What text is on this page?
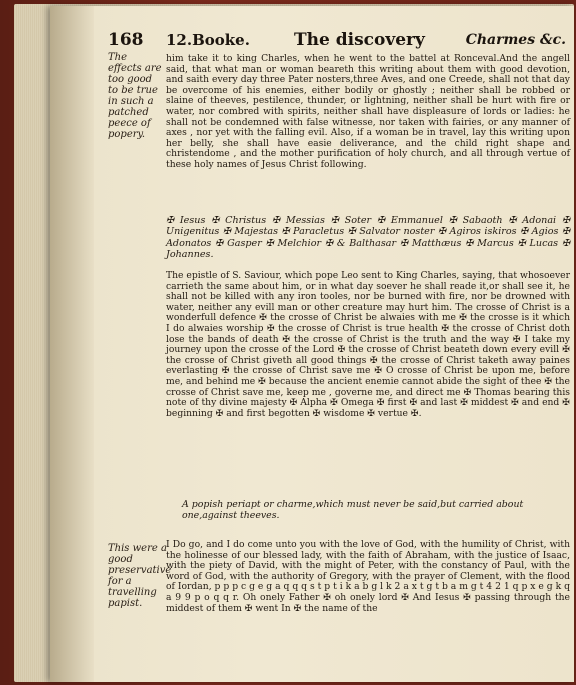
168 12.Booke.	The discovery	Charmes &c.
The effects are too good to be true in such a patched peece of popery.
him take it to king Charles, when he went to the battel at Ronceval.And the angell said, that what man or woman beareth this writing about them with good devotion, and saith every day three Pater nosters,three Aves, and one Creede, shall not that day be overcome of his enemies, either bodily or ghostly ; neither shall be robbed or slaine of theeves, pestilence, thunder, or lightning, neither shall be hurt with fire or water, nor combred with spirits, neither shall have displeasure of lords or ladies: he shall not be condemned with false witnesse, nor taken with fairies, or any manner of axes , nor yet with the falling evil. Also, if a woman be in travel, lay this writing upon her belly, she shall have easie deliverance, and the child right shape and christendome , and the mother purification of holy church, and all through vertue of these holy names of Jesus Christ following.
✠ Iesus ✠ Christus ✠ Messias ✠ Soter ✠ Emmanuel ✠ Sabaoth ✠ Adonai ✠ Unigenitus ✠ Majestas ✠ Paracletus ✠ Salvator noster ✠ Agiros iskiros ✠ Agios ✠ Adonatos ✠ Gasper ✠ Melchior ✠ & Balthasar ✠ Matthæus ✠ Marcus ✠ Lucas ✠ Johannes.
The epistle of S. Saviour, which pope Leo sent to King Charles, saying, that whosoever carrieth the same about him, or in what day soever he shall reade it,or shall see it, he shall not be killed with any iron tooles, nor be burned with fire, nor be drowned with water, neither any evill man or other creature may hurt him. The crosse of Christ is a wonderfull defence ✠ the crosse of Christ be alwaies with me ✠ the crosse is it which I do alwaies worship ✠ the crosse of Christ is true health ✠ the crosse of Christ doth lose the bands of death ✠ the crosse of Christ is the truth and the way ✠ I take my journey upon the crosse of the Lord ✠ the crosse of Christ beateth down every evill ✠ the crosse of Christ giveth all good things ✠ the crosse of Christ taketh away paines everlasting ✠ the crosse of Christ save me ✠ O crosse of Christ be upon me, before me, and behind me ✠ because the ancient enemie cannot abide the sight of thee ✠ the crosse of Christ save me, keep me , governe me, and direct me ✠ Thomas bearing this note of thy divine majesty ✠ Alpha ✠ Omega ✠ first ✠ and last ✠ middest ✠ and end ✠ beginning ✠ and first begotten ✠ wisdome ✠ vertue ✠.
A popish periapt or charme,which must never be said,but carried about one,against theeves.
This were a good preservative for a travelling papist.
I Do go, and I do come unto you with the love of God, with the humility of Christ, with the holinesse of our blessed lady, with the faith of Abraham, with the justice of Isaac, with the piety of David, with the might of Peter, with the constancy of Paul, with the word of God, with the authority of Gregory, with the prayer of Clement, with the flood of Iordan, p p p c g e g a q q q s t p t i k a b g l k 2 a x t g t b a m g t 4 2 1 q p x e g k q a 9 9 p o q q r. Oh onely Father ✠ oh onely lord ✠ And Iesus ✠ passing through the middest of them ✠ went In ✠ the name of the
